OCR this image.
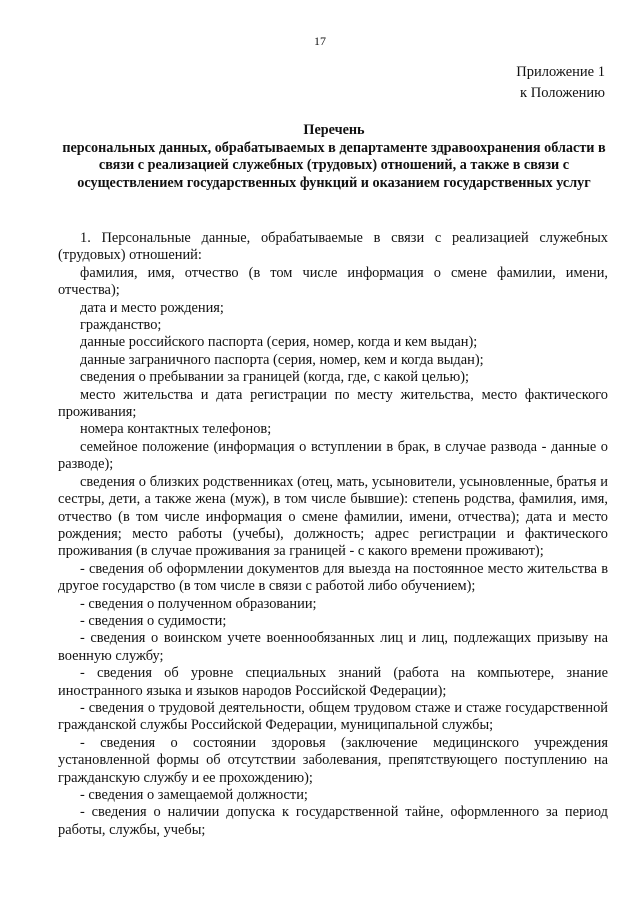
17
Приложение 1
к Положению
Перечень
персональных данных, обрабатываемых в департаменте здравоохранения области в связи с реализацией служебных (трудовых) отношений, а также в связи с осуществлением государственных функций и оказанием государственных услуг

1. Персональные данные, обрабатываемые в связи с реализацией служебных (трудовых) отношений:

фамилия, имя, отчество (в том числе информация о смене фамилии, имени, отчества);

дата и место рождения;

гражданство;

данные российского паспорта (серия, номер, когда и кем выдан);

данные заграничного паспорта (серия, номер, кем и когда выдан);

сведения о пребывании за границей (когда, где, с какой целью);

место жительства и дата регистрации по месту жительства, место фактического проживания;

номера контактных телефонов;

семейное положение (информация о вступлении в брак, в случае развода - данные о разводе);

сведения о близких родственниках (отец, мать, усыновители, усыновленные, братья и сестры, дети, а также жена (муж), в том числе бывшие): степень родства, фамилия, имя, отчество (в том числе информация о смене фамилии, имени, отчества); дата и место рождения; место работы (учебы), должность; адрес регистрации и фактического проживания (в случае проживания за границей - с какого времени проживают);

- сведения об оформлении документов для выезда на постоянное место жительства в другое государство (в том числе в связи с работой либо обучением);

- сведения о полученном образовании;

- сведения о судимости;

- сведения о воинском учете военнообязанных лиц и лиц, подлежащих призыву на военную службу;

- сведения об уровне специальных знаний (работа на компьютере, знание иностранного языка и языков народов Российской Федерации);

- сведения о трудовой деятельности, общем трудовом стаже и стаже государственной гражданской службы Российской Федерации, муниципальной службы;

- сведения о состоянии здоровья (заключение медицинского учреждения установленной формы об отсутствии заболевания, препятствующего поступлению на гражданскую службу и ее прохождению);

- сведения о замещаемой должности;

- сведения о наличии допуска к государственной тайне, оформленного за период работы, службы, учебы;
